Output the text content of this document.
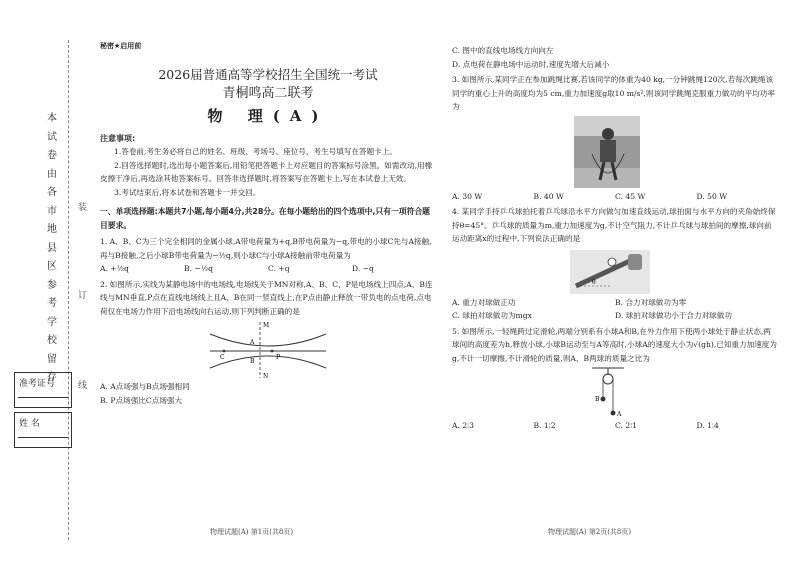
本
试
卷
由
各
市
地
县
区
参
考
学
校
留
存
装
订
线
准考证号
姓 名
秘密★启用前
2026届普通高等学校招生全国统一考试
青桐鸣高二联考
物 理(A)
注意事项:
1.答卷前,考生务必将自己的姓名、班级、考场号、座位号、考生号填写在答题卡上。
2.回答选择题时,选出每小题答案后,用铅笔把答题卡上对应题目的答案标号涂黑。如需改动,用橡皮擦干净后,再选涂其他答案标号。回答非选择题时,将答案写在答题卡上,写在本试卷上无效。
3.考试结束后,将本试卷和答题卡一并交回。
一、单项选择题:本题共7小题,每小题4分,共28分。在每小题给出的四个选项中,只有一项符合题目要求。
1. A、B、C为三个完全相同的金属小球,A带电荷量为+q,B带电荷量为−q,带电的小球C先与A接触,再与B接触,之后小球B带电荷量为−½q,则小球C与小球A接触前带电荷量为
A. +½q	B. −½q	C. +q	D. −q
2. 如图所示,实线为某静电场中的电场线,电场线关于MN对称,A、B、C、P是电场线上四点,A、B连线与MN垂直,P点在直线电场线上且A、B在同一竖直线上,在P点由静止释放一带负电的点电荷,点电荷仅在电场力作用下沿电场线向右运动,则下列判断正确的是
M
N
A
B
C	P
A. A点场强与B点场强相同
B. P点场强比C点场强大
物理试题(A) 第1页(共8页)
C. 图中的直线电场线方向向左
D. 点电荷在静电场中运动时,速度先增大后减小
3. 如图所示,某同学正在参加跳绳比赛,若该同学的体重为40 kg,一分钟跳绳120次,若每次跳绳该同学的重心上升的高度均为5 cm,重力加速度g取10 m/s²,则该同学跳绳克服重力做功的平均功率为
A. 30 W	B. 40 W	C. 45 W	D. 50 W
4. 某同学手持乒乓球拍托着乒乓球沿水平方向做匀加速直线运动,球拍面与水平方向的夹角始终保持θ=45°。乒乓球的质量为m,重力加速度为g,不计空气阻力,不计乒乓球与球拍间的摩擦,球向前运动距离x的过程中,下列说法正确的是
θ
A. 重力对球做正功	B. 合力对球做功为零
C. 球拍对球做功为mgx	D. 球拍对球做功小于合力对球做功
5. 如图所示,一轻绳跨过定滑轮,两端分别系有小球A和B,在外力作用下使两小球处于静止状态,两球间的高度差为h,释放小球,小球B运动至与A等高时,小球A的速度大小为√(gh),已知重力加速度为g,不计一切摩擦,不计滑轮的质量,则A、B两球的质量之比为
B
A
A. 2∶3	B. 1∶2	C. 2∶1	D. 1∶4
物理试题(A) 第2页(共8页)
